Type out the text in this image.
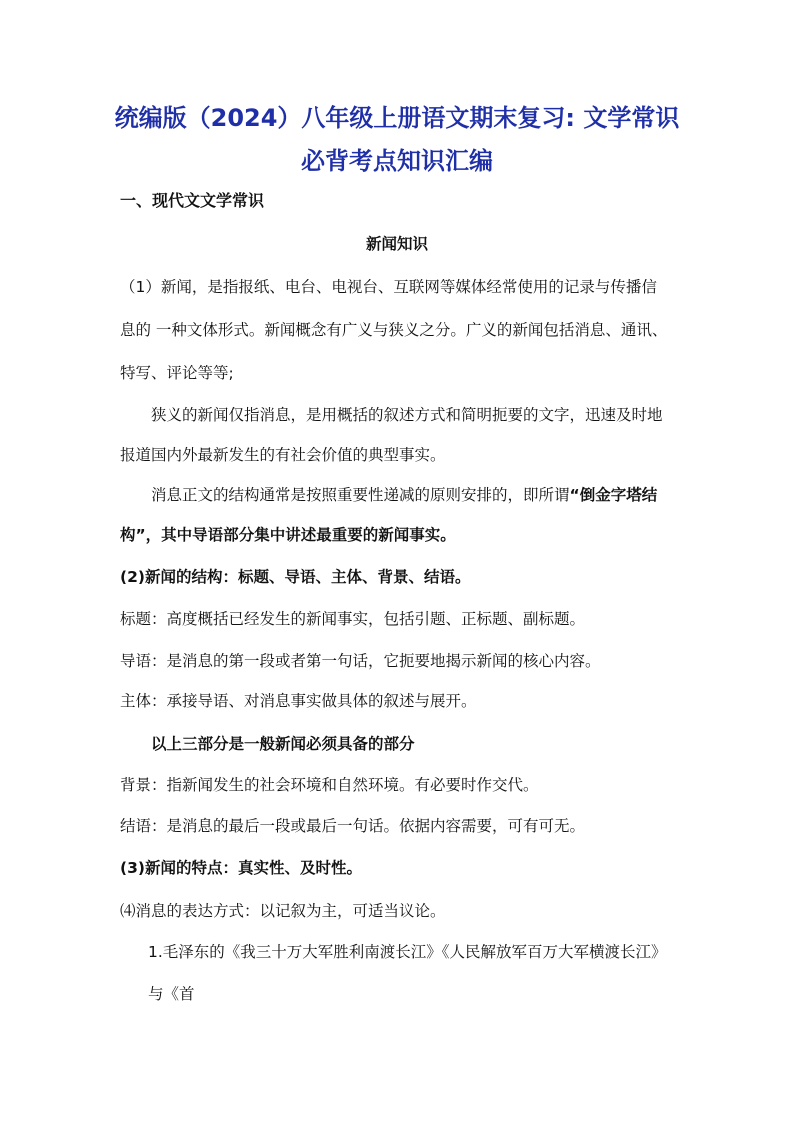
统编版（2024）八年级上册语文期末复习: 文学常识
必背考点知识汇编

一、现代文文学常识

新闻知识

（1）新闻，是指报纸、电台、电视台、互联网等媒体经常使用的记录与传播信

息的 一种文体形式。新闻概念有广义与狭义之分。广义的新闻包括消息、通讯、

特写、评论等等;

狭义的新闻仅指消息，是用概括的叙述方式和简明扼要的文字，迅速及时地

报道国内外最新发生的有社会价值的典型事实。

消息正文的结构通常是按照重要性递减的原则安排的，即所谓“倒金字塔结

构”，其中导语部分集中讲述最重要的新闻事实。

(2)新闻的结构：标题、导语、主体、背景、结语。

标题：高度概括已经发生的新闻事实，包括引题、正标题、副标题。

导语：是消息的第一段或者第一句话，它扼要地揭示新闻的核心内容。

主体：承接导语、对消息事实做具体的叙述与展开。

以上三部分是一般新闻必须具备的部分

背景：指新闻发生的社会环境和自然环境。有必要时作交代。

结语：是消息的最后一段或最后一句话。依据内容需要，可有可无。

(3)新闻的特点：真实性、及时性。

⑷消息的表达方式：以记叙为主，可适当议论。

1.毛泽东的《我三十万大军胜利南渡长江》《人民解放军百万大军横渡长江》

与《首
